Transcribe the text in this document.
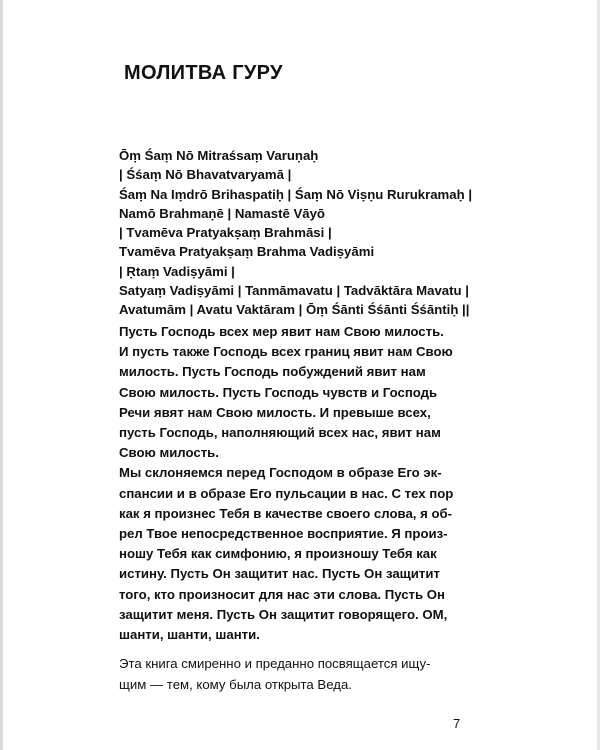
МОЛИТВА ГУРУ
Ōṃ Śaṃ Nō Mitraśsaṃ Varuṇaḥ
| Śśaṃ Nō Bhavatvaryamā |
Śaṃ Na Iṃdrō Brihaspatiḥ | Śaṃ Nō Viṣṇu Rurukramaḥ |
Namō Brahmaṇē | Namastē Vāyō
| Tvamēva Pratyakṣaṃ Brahmāsi |
Tvamēva Pratyakṣaṃ Brahma Vadiṣyāmi
| Ṛtaṃ Vadiṣyāmi |
Satyaṃ Vadiṣyāmi | Tanmāmavatu | Tadvāktāra Mavatu |
Avatumām | Avatu Vaktāram | Ōṃ Śānti Śśānti Śśāntiḥ ||
Пусть Господь всех мер явит нам Свою милость.
И пусть также Господь всех границ явит нам Свою
милость. Пусть Господь побуждений явит нам
Свою милость. Пусть Господь чувств и Господь
Речи явят нам Свою милость. И превыше всех,
пусть Господь, наполняющий всех нас, явит нам
Свою милость.
Мы склоняемся перед Господом в образе Его эк-
спансии и в образе Его пульсации в нас. С тех пор
как я произнес Тебя в качестве своего слова, я об-
рел Твое непосредственное восприятие. Я произ-
ношу Тебя как симфонию, я произношу Тебя как
истину. Пусть Он защитит нас. Пусть Он защитит
того, кто произносит для нас эти слова. Пусть Он
защитит меня. Пусть Он защитит говорящего. ОМ,
шанти, шанти, шанти.
Эта книга смиренно и преданно посвящается ищу-
щим — тем, кому была открыта Веда.
7
